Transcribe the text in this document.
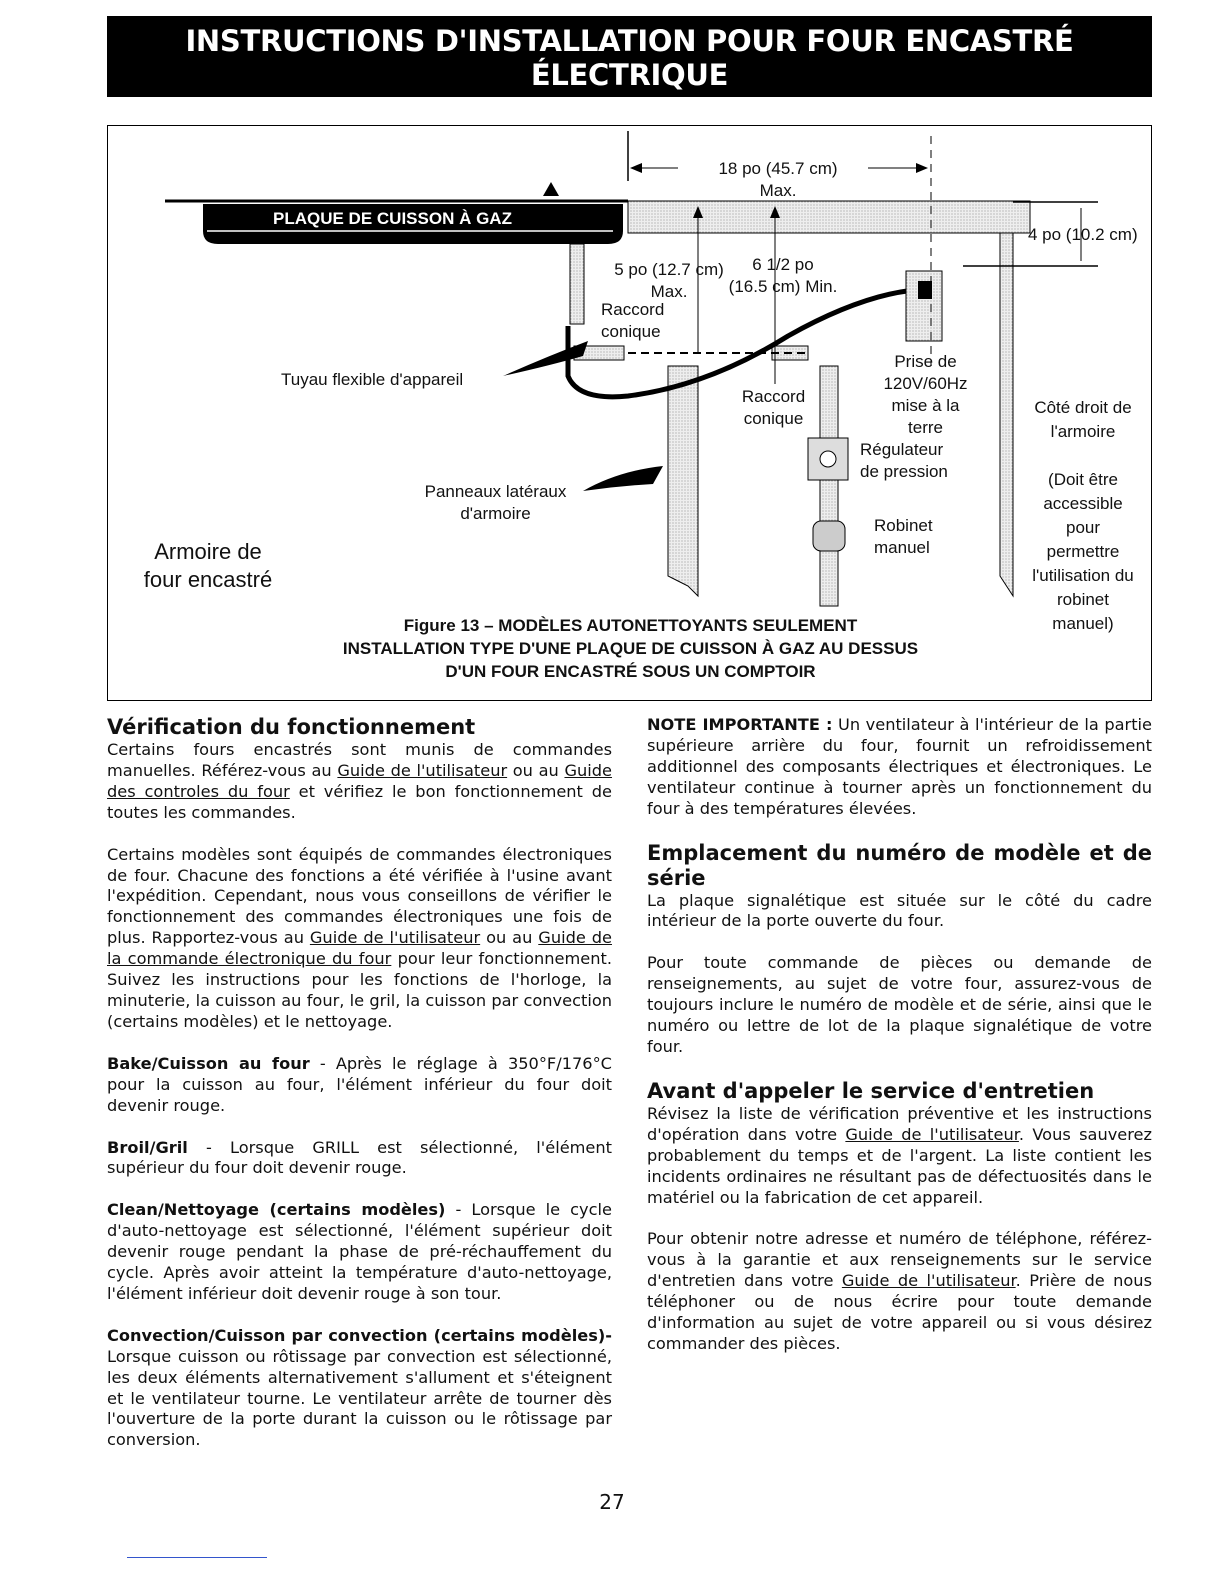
INSTRUCTIONS D'INSTALLATION POUR FOUR ENCASTRÉ ÉLECTRIQUE
(Modèles à porte ouvrant de côté)
PLAQUE DE CUISSON À GAZ
18 po (45.7 cm)
Max.
4 po (10.2 cm)
5 po (12.7 cm)
Max.
6 1/2 po
(16.5 cm) Min.
Raccord
conique
Raccord
conique
Tuyau flexible d'appareil
Prise de
120V/60Hz
mise à la
terre
Régulateur
de pression
Robinet
manuel
Panneaux latéraux
d'armoire
Armoire de
four encastré
Côté droit de
l'armoire
(Doit être
accessible
pour
permettre
l'utilisation du
robinet
manuel)
Figure 13 – MODÈLES AUTONETTOYANTS SEULEMENT
INSTALLATION TYPE D'UNE PLAQUE DE CUISSON À GAZ AU DESSUS
D'UN FOUR ENCASTRÉ SOUS UN COMPTOIR
Vérification du fonctionnement

Certains fours encastrés sont munis de commandes manuelles. Référez-vous au Guide de l'utilisateur ou au Guide des controles du four et vérifiez le bon fonctionnement de toutes les commandes.

Certains modèles sont équipés de commandes électroniques de four. Chacune des fonctions a été vérifiée à l'usine avant l'expédition. Cependant, nous vous conseillons de vérifier le fonctionnement des commandes électroniques une fois de plus. Rapportez-vous au Guide de l'utilisateur ou au Guide de la commande électronique du four pour leur fonctionnement. Suivez les instructions pour les fonctions de l'horloge, la minuterie, la cuisson au four, le gril, la cuisson par convection (certains modèles) et le nettoyage.

Bake/Cuisson au four - Après le réglage à 350°F/176°C pour la cuisson au four, l'élément inférieur du four doit devenir rouge.

Broil/Gril - Lorsque GRILL est sélectionné, l'élément supérieur du four doit devenir rouge.

Clean/Nettoyage (certains modèles) - Lorsque le cycle d'auto-nettoyage est sélectionné, l'élément supérieur doit devenir rouge pendant la phase de pré-réchauffement du cycle. Après avoir atteint la température d'auto-nettoyage, l'élément inférieur doit devenir rouge à son tour.

Convection/Cuisson par convection (certains modèles)- Lorsque cuisson ou rôtissage par convection est sélectionné, les deux éléments alternativement s'allument et s'éteignent et le ventilateur tourne. Le ventilateur arrête de tourner dès l'ouverture de la porte durant la cuisson ou le rôtissage par conversion.

NOTE IMPORTANTE : Un ventilateur à l'intérieur de la partie supérieure arrière du four, fournit un refroidissement additionnel des composants électriques et électroniques. Le ventilateur continue à tourner après un fonctionnement du four à des températures élevées.

Emplacement du numéro de modèle et de série

La plaque signalétique est située sur le côté du cadre intérieur de la porte ouverte du four.

Pour toute commande de pièces ou demande de renseignements, au sujet de votre four, assurez-vous de toujours inclure le numéro de modèle et de série, ainsi que le numéro ou lettre de lot de la plaque signalétique de votre four.

Avant d'appeler le service d'entretien

Révisez la liste de vérification préventive et les instructions d'opération dans votre Guide de l'utilisateur. Vous sauverez probablement du temps et de l'argent. La liste contient les incidents ordinaires ne résultant pas de défectuosités dans le matériel ou la fabrication de cet appareil.

Pour obtenir notre adresse et numéro de téléphone, référez-vous à la garantie et aux renseignements sur le service d'entretien dans votre Guide de l'utilisateur. Prière de nous téléphoner ou de nous écrire pour toute demande d'information au sujet de votre appareil ou si vous désirez commander des pièces.

27
